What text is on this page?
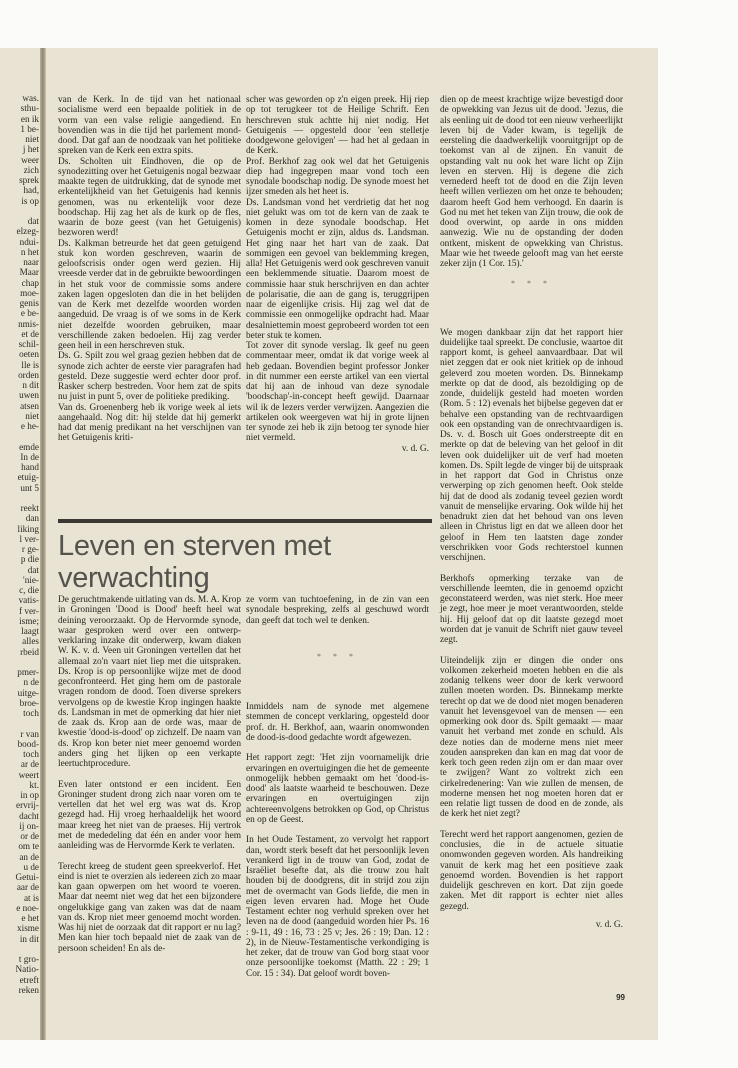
was.
sthu-
en ik
1 be-
niet
j het
weer
zich
sprek
had,
is op

dat
elzeg-
ndui-
n het
naar
Maar
chap
moe-
genis
e be-
nmis-
et de
schil-
oeten
lle is
orden
n dit
uwen
atsen
niet
e he-

emde
In de
hand
etuig-
unt 5

reekt
dan
liking
l ver-
r ge-
p die
dat
'nie-
c, die
vatis-
f ver-
isme;
laagt
alles
rbeid

pmer-
n de
uitge-
broe-
toch

r van
bood-
toch
ar de
weert
kt.
in op
ervrij-
dacht
ij on-
or de
om te
an de
u de
Getui-
aar de
at is
e noe-
e het
xisme
in dit

t gro-
Natio-
etreft
reken

van de Kerk. In de tijd van het nationaal socialisme werd een bepaalde politiek in de vorm van een valse religie aangediend. En bovendien was in die tijd het parlement mond-dood. Dat gaf aan de noodzaak van het politieke spreken van de Kerk een extra spits.

Ds. Scholten uit Eindhoven, die op de synodezitting over het Getuigenis nogal bezwaar maakte tegen de uitdrukking, dat de synode met erkentelijkheid van het Getuigenis had kennis genomen, was nu erkentelijk voor deze boodschap. Hij zag het als de kurk op de fles, waarin de boze geest (van het Getuigenis) bezworen werd!

Ds. Kalkman betreurde het dat geen getuigend stuk kon worden geschreven, waarin de geloofscrisis onder ogen werd gezien. Hij vreesde verder dat in de gebruikte bewoordingen in het stuk voor de commissie soms andere zaken lagen opgesloten dan die in het belijden van de Kerk met dezelfde woorden worden aangeduid. De vraag is of we soms in de Kerk niet dezelfde woorden gebruiken, maar verschillende zaken bedoelen. Hij zag verder geen heil in een herschreven stuk.

Ds. G. Spilt zou wel graag gezien hebben dat de synode zich achter de eerste vier paragrafen had gesteld. Deze suggestie werd echter door prof. Rasker scherp bestreden. Voor hem zat de spits nu juist in punt 5, over de politieke prediking.

Van ds. Groenenberg heb ik vorige week al iets aangehaald. Nog dit: hij stelde dat hij gemerkt had dat menig predikant na het verschijnen van het Getuigenis kriti-

scher was geworden op z'n eigen preek. Hij riep op tot terugkeer tot de Heilige Schrift. Een herschreven stuk achtte hij niet nodig. Het Getuigenis — opgesteld door 'een stelletje doodgewone gelovigen' — had het al gedaan in de Kerk.

Prof. Berkhof zag ook wel dat het Getuigenis diep had ingegrepen maar vond toch een synodale boodschap nodig. De synode moest het ijzer smeden als het heet is.

Ds. Landsman vond het verdrietig dat het nog niet gelukt was om tot de kern van de zaak te komen in deze synodale boodschap. Het Getuigenis mocht er zijn, aldus ds. Landsman. Het ging naar het hart van de zaak. Dat sommigen een gevoel van beklemming kregen, alla! Het Getuigenis werd ook geschreven vanuit een beklemmende situatie. Daarom moest de commissie haar stuk herschrijven en dan achter de polarisatie, die aan de gang is, teruggrijpen naar de eigenlijke crisis. Hij zag wel dat de commissie een onmogelijke opdracht had. Maar desalniettemin moest geprobeerd worden tot een beter stuk te komen.

Tot zover dit synode verslag. Ik geef nu geen commentaar meer, omdat ik dat vorige week al heb gedaan. Bovendien begint professor Jonker in dit nummer een eerste artikel van een viertal dat hij aan de inhoud van deze synodale 'boodschap'-in-concept heeft gewijd. Daarnaar wil ik de lezers verder verwijzen. Aangezien die artikelen ook weergeven wat hij in grote lijnen ter synode zei heb ik zijn betoog ter synode hier niet vermeld.

v. d. G.

Leven en sterven met
verwachting

De geruchtmakende uitlating van ds. M. A. Krop in Groningen 'Dood is Dood' heeft heel wat deining veroorzaakt. Op de Hervormde synode, waar gesproken werd over een ontwerp-verklaring inzake dit onderwerp, kwam diaken W. K. v. d. Veen uit Groningen vertellen dat het allemaal zo'n vaart niet liep met die uitspraken. Ds. Krop is op persoonlijke wijze met de dood geconfronteerd. Het ging hem om de pastorale vragen rondom de dood. Toen diverse sprekers vervolgens op de kwestie Krop ingingen haakte ds. Landsman in met de opmerking dat hier niet de zaak ds. Krop aan de orde was, maar de kwestie 'dood-is-dood' op zichzelf. De naam van ds. Krop kon beter niet meer genoemd worden anders ging het lijken op een verkapte leertuchtprocedure.

Even later ontstond er een incident. Een Groninger student drong zich naar voren om te vertellen dat het wel erg was wat ds. Krop gezegd had. Hij vroeg herhaaldelijk het woord maar kreeg het niet van de praeses. Hij vertrok met de mededeling dat één en ander voor hem aanleiding was de Hervormde Kerk te verlaten.

Terecht kreeg de student geen spreekverlof. Het eind is niet te overzien als iedereen zich zo maar kan gaan opwerpen om het woord te voeren. Maar dat neemt niet weg dat het een bijzondere ongelukkige gang van zaken was dat de naam van ds. Krop niet meer genoemd mocht worden. Was hij niet de oorzaak dat dit rapport er nu lag? Men kan hier toch bepaald niet de zaak van de persoon scheiden! En als de-

ze vorm van tuchtoefening, in de zin van een synodale bespreking, zelfs al geschuwd wordt dan geeft dat toch wel te denken.

* * *

Inmiddels nam de synode met algemene stemmen de concept verklaring, opgesteld door prof. dr. H. Berkhof, aan, waarin onomwonden de dood-is-dood gedachte wordt afgewezen.

Het rapport zegt: 'Het zijn voornamelijk drie ervaringen en overtuigingen die het de gemeente onmogelijk hebben gemaakt om het 'dood-is-dood' als laatste waarheid te beschouwen. Deze ervaringen en overtuigingen zijn achtereenvolgens betrokken op God, op Christus en op de Geest.

In het Oude Testament, zo vervolgt het rapport dan, wordt sterk beseft dat het persoonlijk leven verankerd ligt in de trouw van God, zodat de Israëliet besefte dat, als die trouw zou halt houden bij de doodgrens, dit in strijd zou zijn met de overmacht van Gods liefde, die men in eigen leven ervaren had. Moge het Oude Testament echter nog verhuld spreken over het leven na de dood (aangeduid worden hier Ps. 16 : 9-11, 49 : 16, 73 : 25 v; Jes. 26 : 19; Dan. 12 : 2), in de Nieuw-Testamentische verkondiging is het zeker, dat de trouw van God borg staat voor onze persoonlijke toekomst (Matth. 22 : 29; 1 Cor. 15 : 34). Dat geloof wordt boven-

dien op de meest krachtige wijze bevestigd door de opwekking van Jezus uit de dood. 'Jezus, die als eenling uit de dood tot een nieuw verheerlijkt leven bij de Vader kwam, is tegelijk de eersteling die daadwerkelijk vooruitgrijpt op de toekomst van al de zijnen. En vanuit de opstanding valt nu ook het ware licht op Zijn leven en sterven. Hij is degene die zich vernederd heeft tot de dood en die Zijn leven heeft willen verliezen om het onze te behouden; daarom heeft God hem verhoogd. En daarin is God nu met het teken van Zijn trouw, die ook de dood overwint, op aarde in ons midden aanwezig. Wie nu de opstanding der doden ontkent, miskent de opwekking van Christus. Maar wie het tweede gelooft mag van het eerste zeker zijn (1 Cor. 15).'

* * *

We mogen dankbaar zijn dat het rapport hier duidelijke taal spreekt. De conclusie, waartoe dit rapport komt, is geheel aanvaardbaar. Dat wil niet zeggen dat er ook niet kritiek op de inhoud geleverd zou moeten worden. Ds. Binnekamp merkte op dat de dood, als bezoldiging op de zonde, duidelijk gesteld had moeten worden (Rom. 5 : 12) evenals het bijbelse gegeven dat er behalve een opstanding van de rechtvaardigen ook een opstanding van de onrechtvaardigen is. Ds. v. d. Bosch uit Goes onderstreepte dit en merkte op dat de beleving van het geloof in dit leven ook duidelijker uit de verf had moeten komen. Ds. Spilt legde de vinger bij de uitspraak in het rapport dat God in Christus onze verwerping op zich genomen heeft. Ook stelde hij dat de dood als zodanig teveel gezien wordt vanuit de menselijke ervaring. Ook wilde hij het benadrukt zien dat het behoud van ons leven alleen in Christus ligt en dat we alleen door het geloof in Hem ten laatsten dage zonder verschrikken voor Gods rechterstoel kunnen verschijnen.

Berkhofs opmerking terzake van de verschillende leemten, die in genoemd opzicht geconstateerd werden, was niet sterk. Hoe meer je zegt, hoe meer je moet verantwoorden, stelde hij. Hij geloof dat op dit laatste gezegd moet worden dat je vanuit de Schrift niet gauw teveel zegt.

Uiteindelijk zijn er dingen die onder ons volkomen zekerheid moeten hebben en die als zodanig telkens weer door de kerk verwoord zullen moeten worden. Ds. Binnekamp merkte terecht op dat we de dood niet mogen benaderen vanuit het levensgevoel van de mensen — een opmerking ook door ds. Spilt gemaakt — maar vanuit het verband met zonde en schuld. Als deze noties dan de moderne mens niet meer zouden aanspreken dan kan en mag dat voor de kerk toch geen reden zijn om er dan maar over te zwijgen? Want zo voltrekt zich een cirkelredenering: Van wie zullen de mensen, de moderne mensen het nog moeten horen dat er een relatie ligt tussen de dood en de zonde, als de kerk het niet zegt?

Terecht werd het rapport aangenomen, gezien de conclusies, die in de actuele situatie onomwonden gegeven worden. Als handreiking vanuit de kerk mag het een positieve zaak genoemd worden. Bovendien is het rapport duidelijk geschreven en kort. Dat zijn goede zaken. Met dit rapport is echter niet alles gezegd.

v. d. G.

99
